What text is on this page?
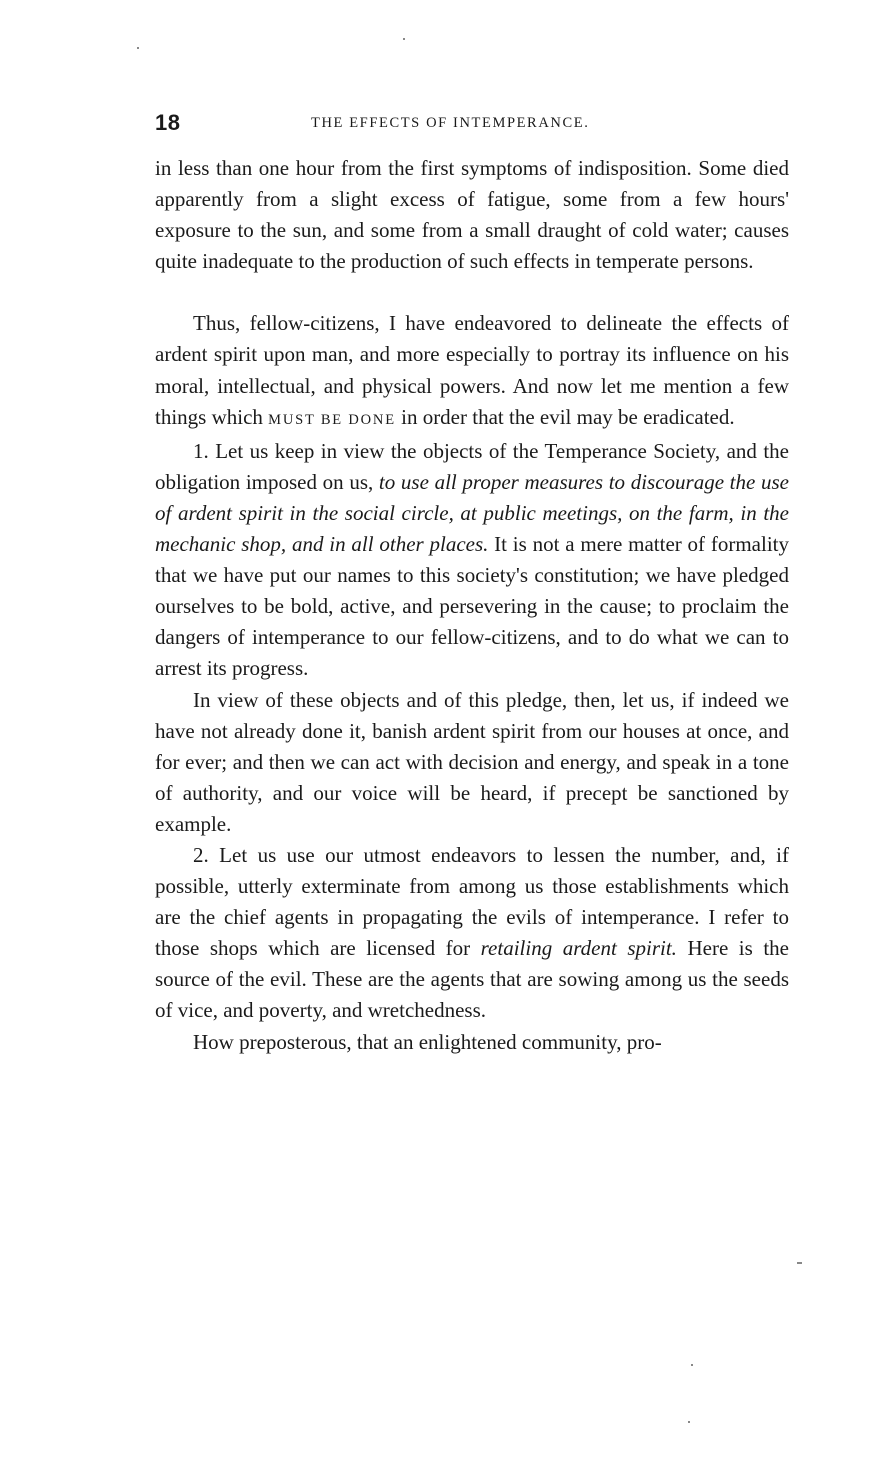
18	THE EFFECTS OF INTEMPERANCE.

in less than one hour from the first symptoms of indisposition. Some died apparently from a slight excess of fatigue, some from a few hours' exposure to the sun, and some from a small draught of cold water; causes quite inadequate to the production of such effects in temperate persons.

Thus, fellow-citizens, I have endeavored to delineate the effects of ardent spirit upon man, and more especially to portray its influence on his moral, intellectual, and physical powers. And now let me mention a few things which MUST BE DONE in order that the evil may be eradicated.

1. Let us keep in view the objects of the Temperance Society, and the obligation imposed on us, to use all proper measures to discourage the use of ardent spirit in the social circle, at public meetings, on the farm, in the mechanic shop, and in all other places. It is not a mere matter of formality that we have put our names to this society's constitution; we have pledged ourselves to be bold, active, and persevering in the cause; to proclaim the dangers of intemperance to our fellow-citizens, and to do what we can to arrest its progress.

In view of these objects and of this pledge, then, let us, if indeed we have not already done it, banish ardent spirit from our houses at once, and for ever; and then we can act with decision and energy, and speak in a tone of authority, and our voice will be heard, if precept be sanctioned by example.

2. Let us use our utmost endeavors to lessen the number, and, if possible, utterly exterminate from among us those establishments which are the chief agents in propagating the evils of intemperance. I refer to those shops which are licensed for retailing ardent spirit. Here is the source of the evil. These are the agents that are sowing among us the seeds of vice, and poverty, and wretchedness.

How preposterous, that an enlightened community, pro-
